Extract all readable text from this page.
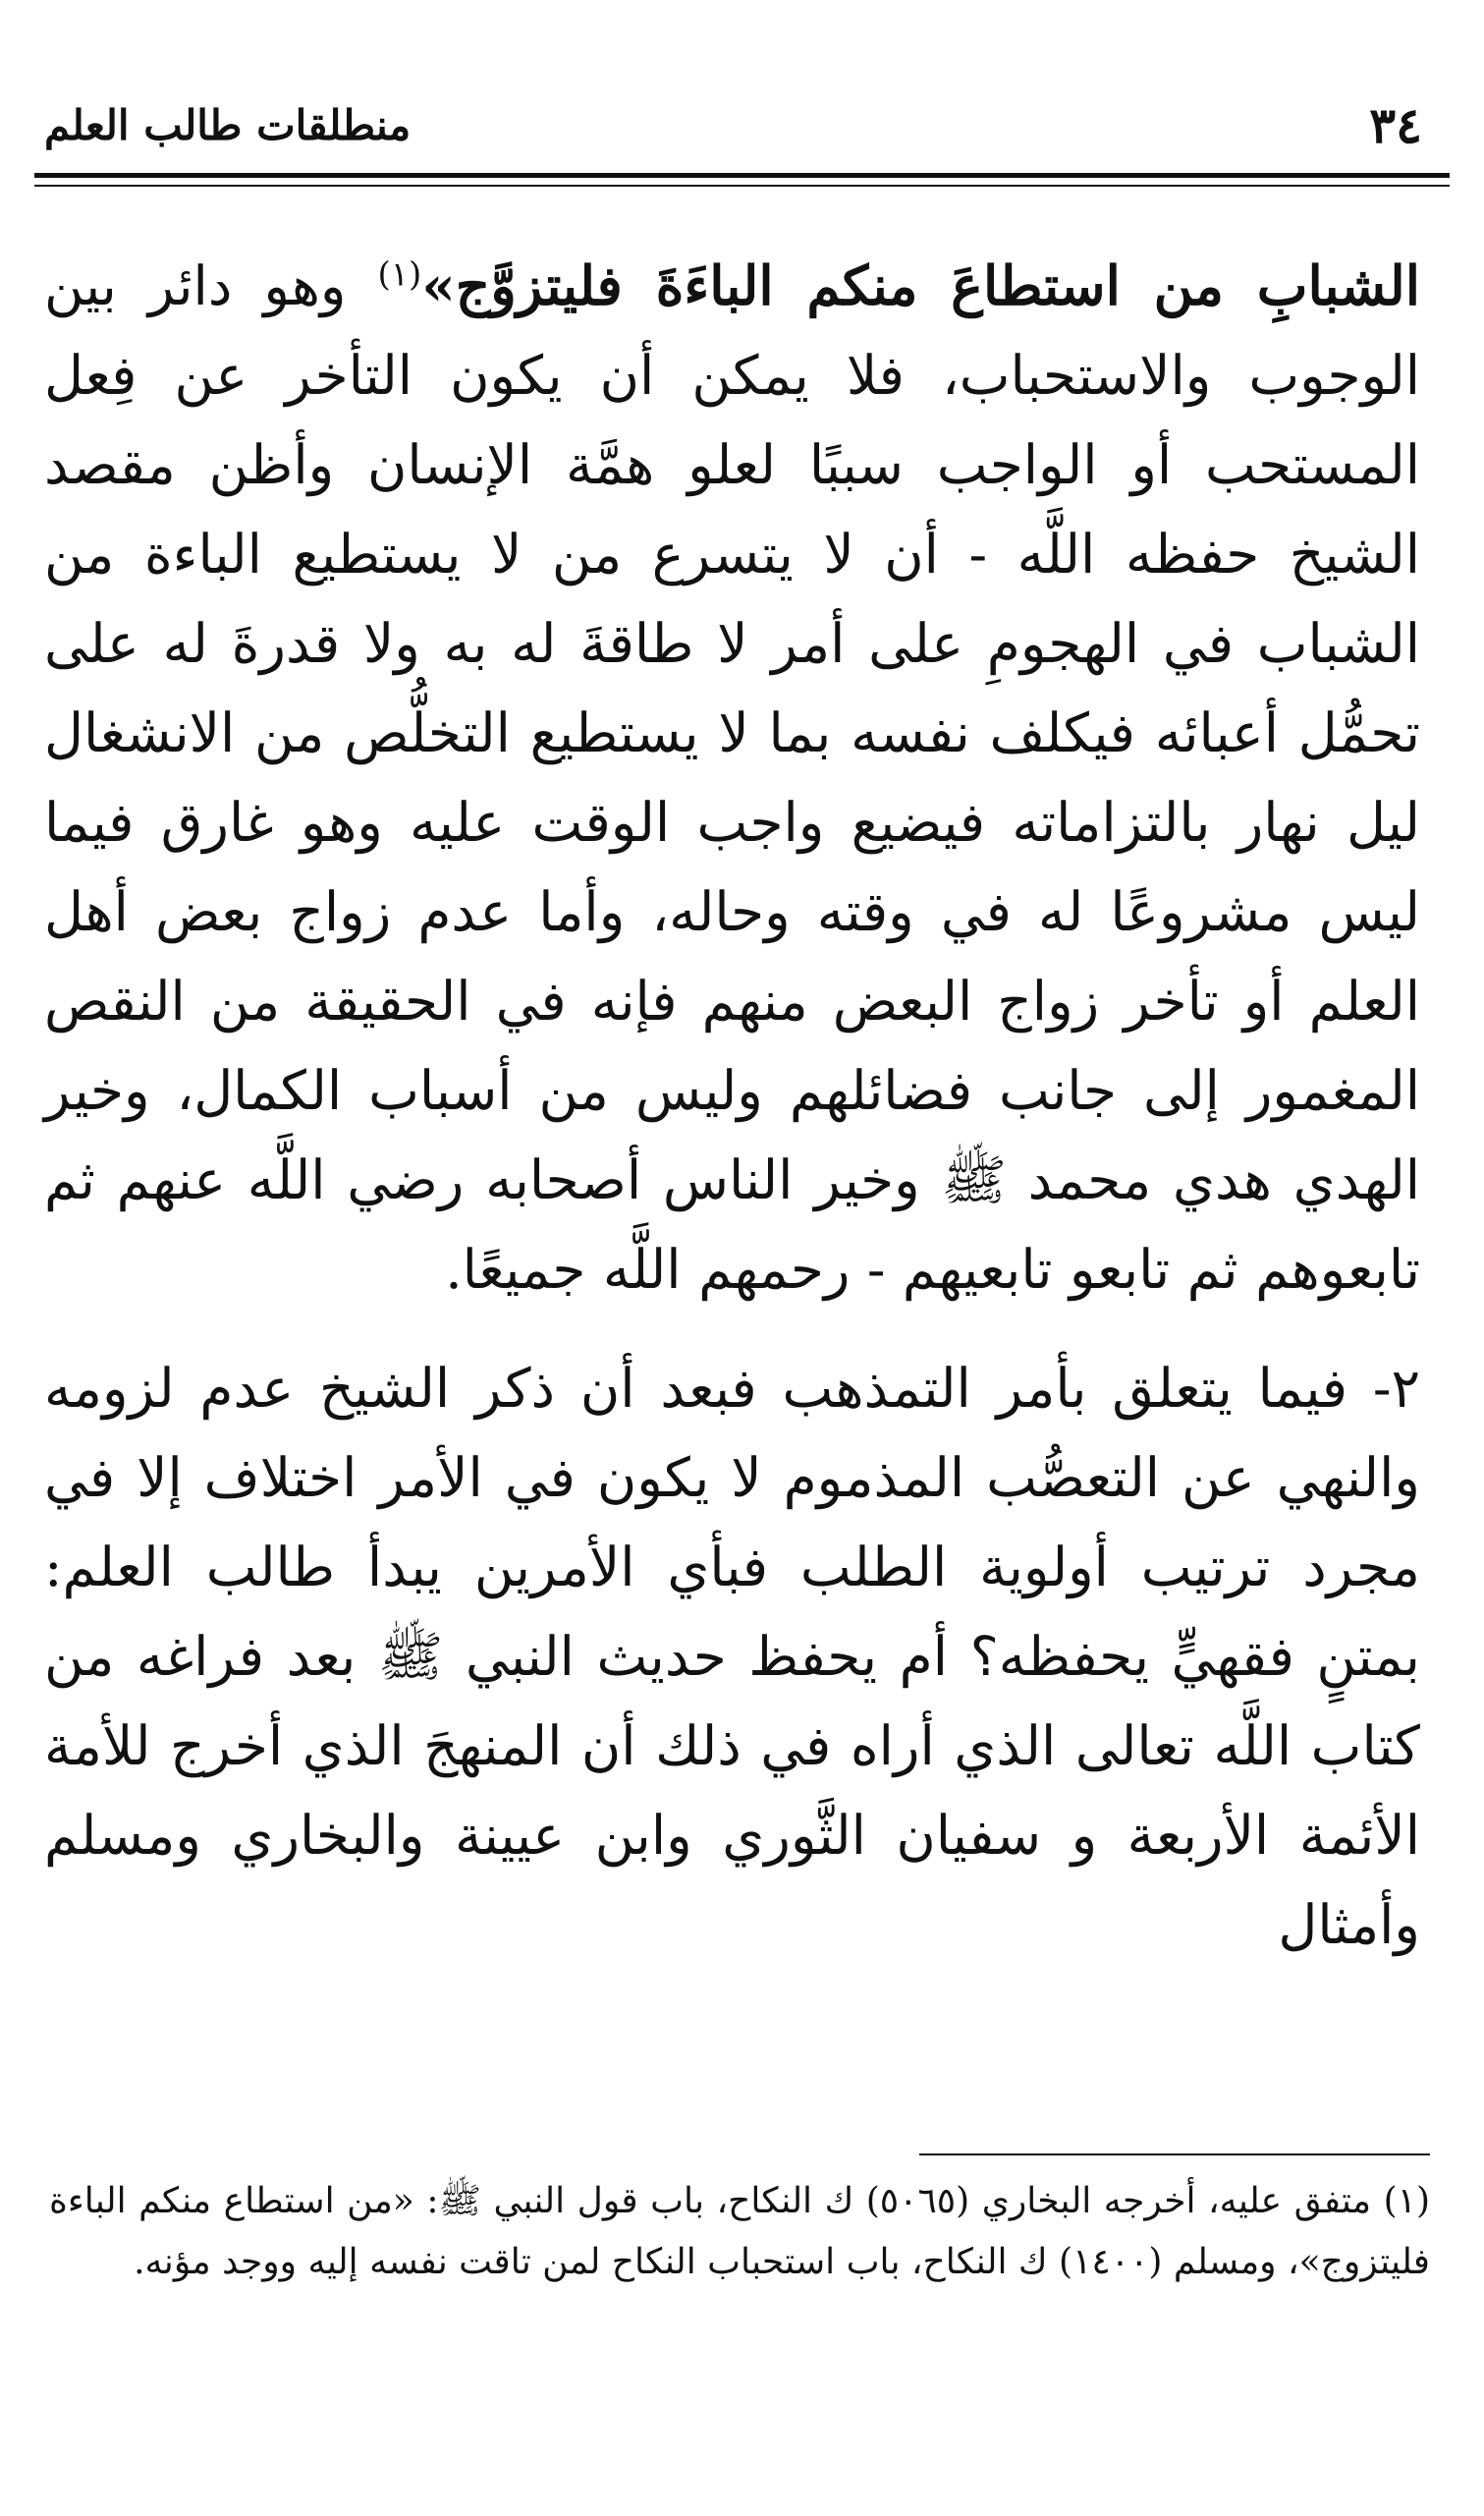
٣٤
منطلقات طالب العلم

الشبابِ من استطاعَ منكم الباءَةَ فليتزوَّج»$^{(١)}$ وهو دائر بين الوجوب والاستحباب، فلا يمكن أن يكون التأخر عن فِعل المستحب أو الواجب سببًا لعلو همَّة الإنسان وأظن مقصد الشيخ حفظه اللَّه - أن لا يتسرع من لا يستطيع الباءة من الشباب في الهجومِ على أمر لا طاقةَ له به ولا قدرةَ له على تحمُّل أعبائه فيكلف نفسه بما لا يستطيع التخلُّص من الانشغال ليل نهار بالتزاماته فيضيع واجب الوقت عليه وهو غارق فيما ليس مشروعًا له في وقته وحاله، وأما عدم زواج بعض أهل العلم أو تأخر زواج البعض منهم فإنه في الحقيقة من النقص المغمور إلى جانب فضائلهم وليس من أسباب الكمال، وخير الهدي هدي محمد ﷺ وخير الناس أصحابه رضي اللَّه عنهم ثم تابعوهم ثم تابعو تابعيهم - رحمهم اللَّه جميعًا.

٢- فيما يتعلق بأمر التمذهب فبعد أن ذكر الشيخ عدم لزومه والنهي عن التعصُّب المذموم لا يكون في الأمر اختلاف إلا في مجرد ترتيب أولوية الطلب فبأي الأمرين يبدأ طالب العلم: بمتنٍ فقهيٍّ يحفظه؟ أم يحفظ حديث النبي ﷺ بعد فراغه من كتاب اللَّه تعالى الذي أراه في ذلك أن المنهجَ الذي أخرج للأمة الأئمة الأربعة و سفيان الثَّوري وابن عيينة والبخاري ومسلم وأمثال

(١) متفق عليه، أخرجه البخاري (٥٠٦٥) ك النكاح، باب قول النبي ﷺ: «من استطاع منكم الباءة فليتزوج»، ومسلم (١٤٠٠) ك النكاح، باب استحباب النكاح لمن تاقت نفسه إليه ووجد مؤنه.
